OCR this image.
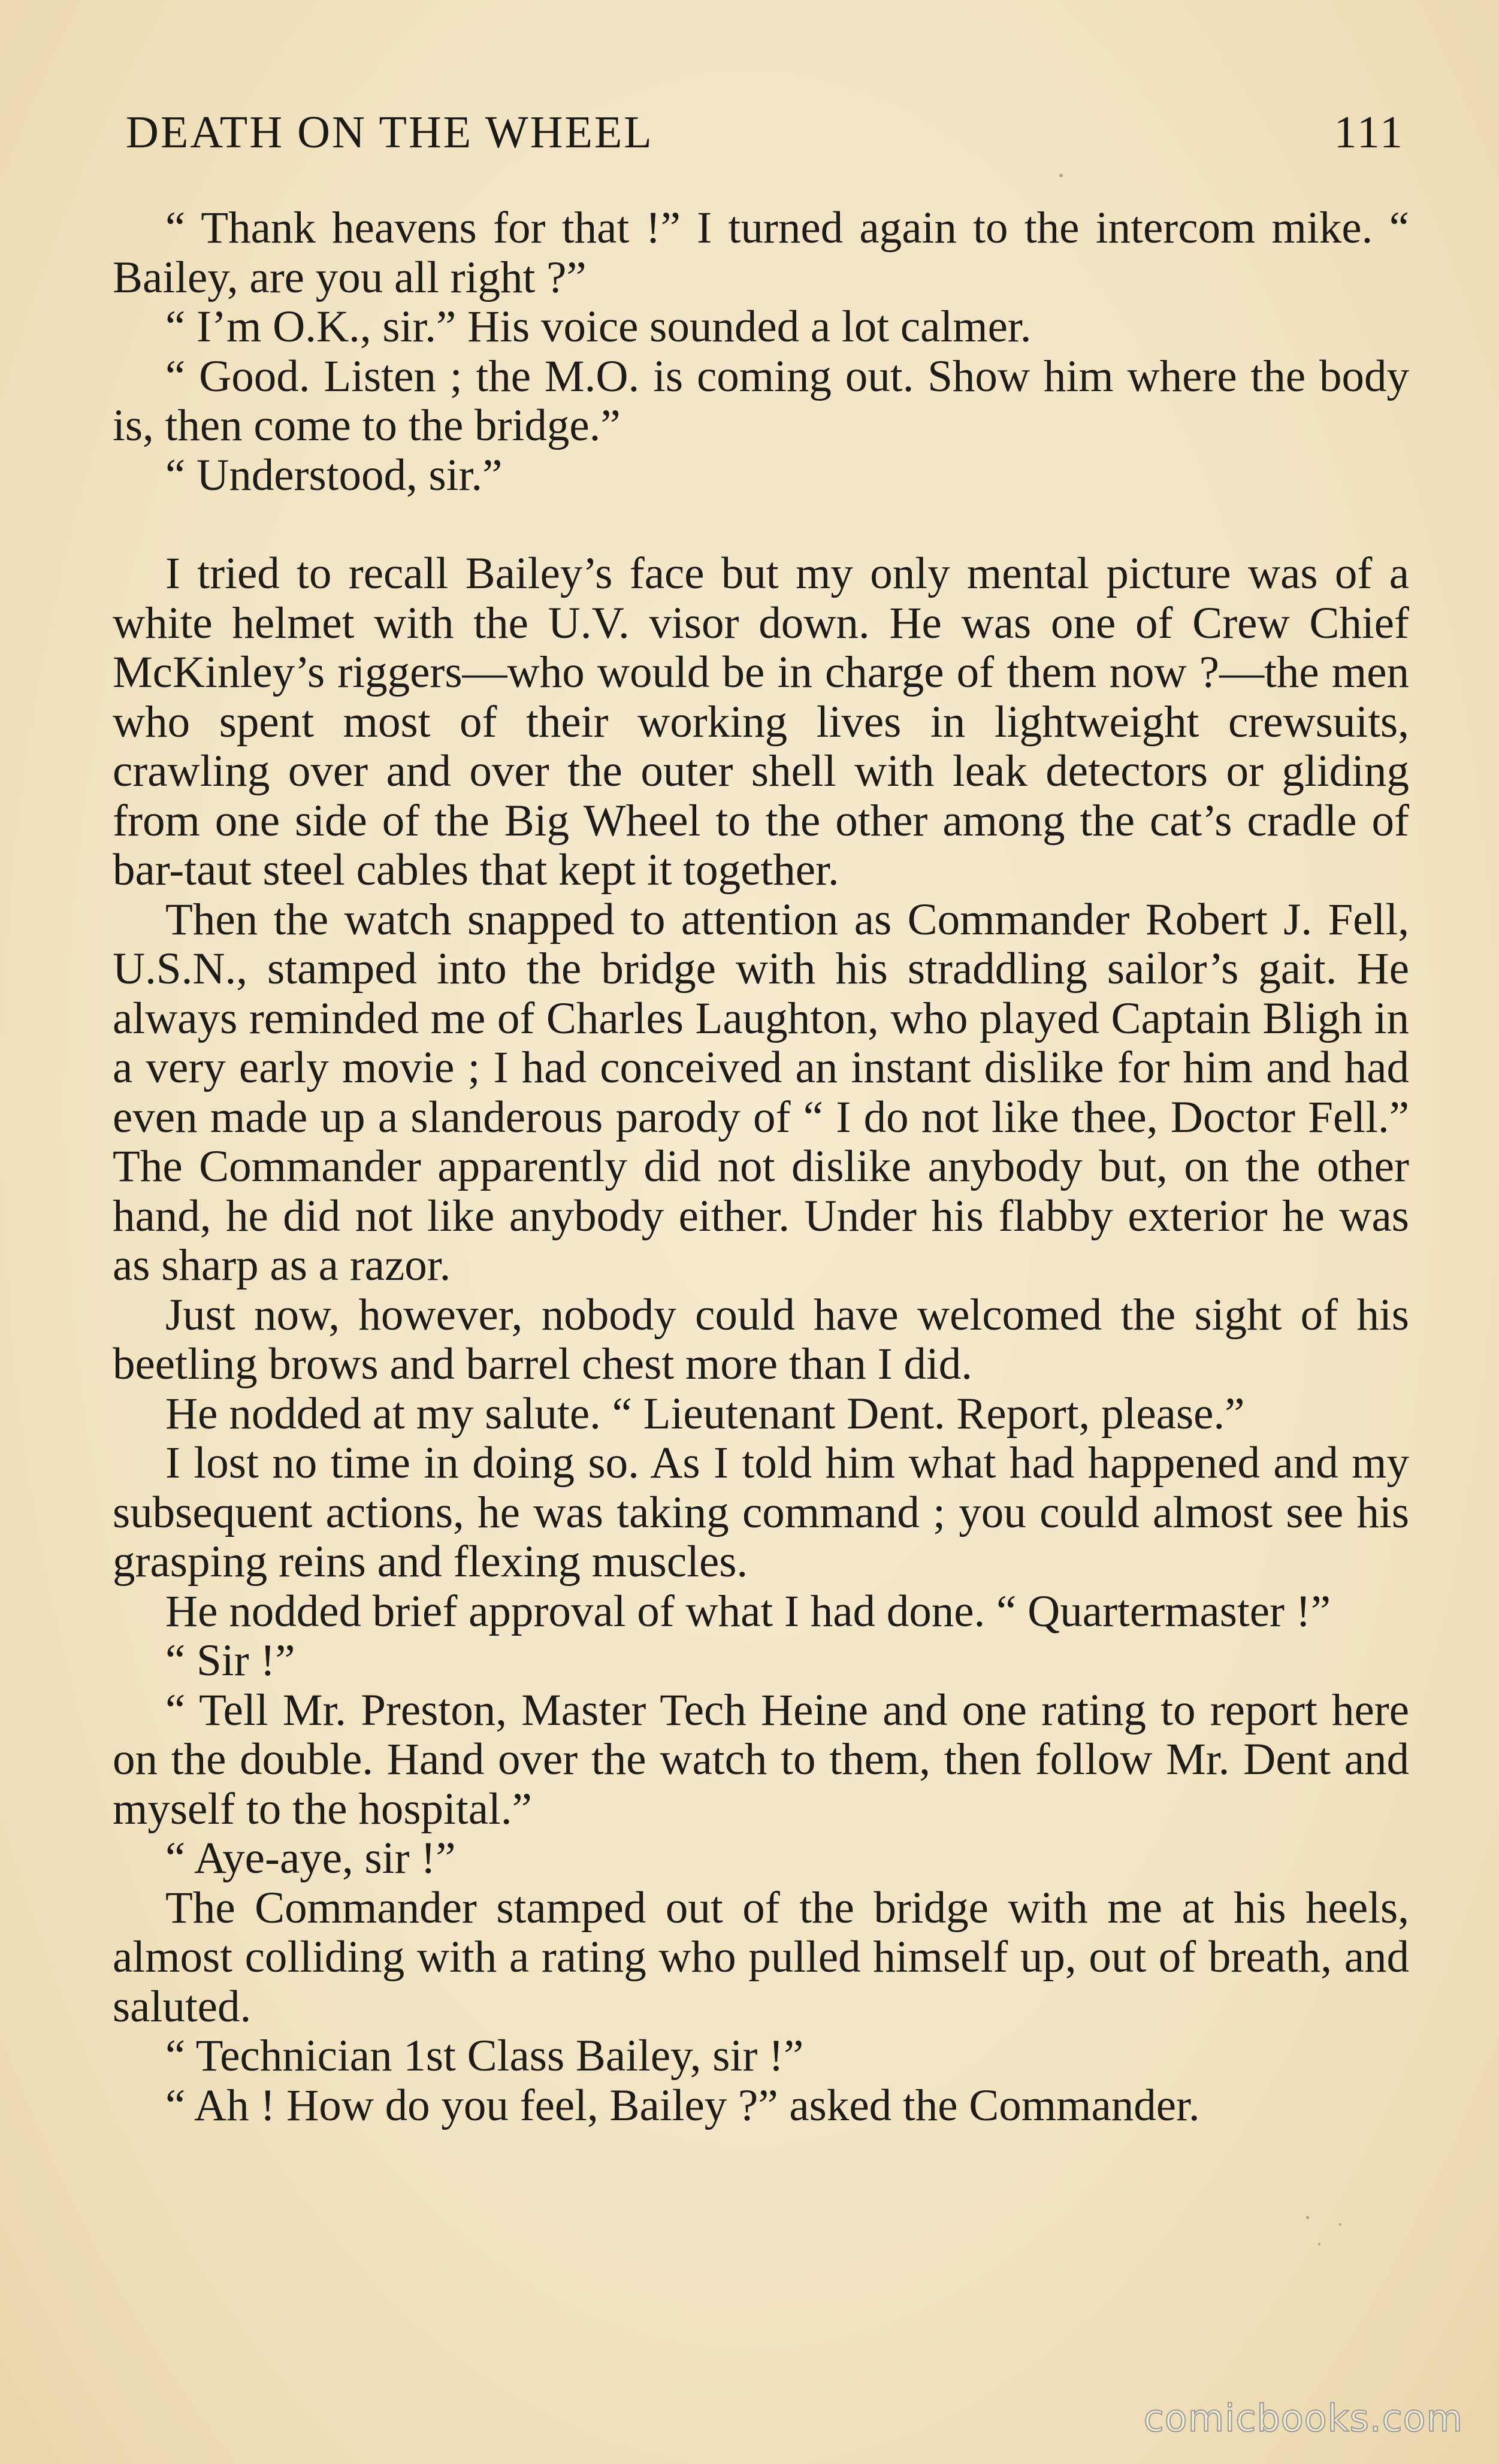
DEATH ON THE WHEEL	111

“ Thank heavens for that !” I turned again to the intercom mike. “ Bailey, are you all right ?”

“ I’m O.K., sir.” His voice sounded a lot calmer.

“ Good. Listen ; the M.O. is coming out. Show him where the body is, then come to the bridge.”

“ Understood, sir.”

I tried to recall Bailey’s face but my only mental picture was of a white helmet with the U.V. visor down. He was one of Crew Chief McKinley’s riggers—who would be in charge of them now ?—the men who spent most of their working lives in lightweight crewsuits, crawling over and over the outer shell with leak detectors or gliding from one side of the Big Wheel to the other among the cat’s cradle of bar-taut steel cables that kept it together.

Then the watch snapped to attention as Commander Robert J. Fell, U.S.N., stamped into the bridge with his straddling sailor’s gait. He always reminded me of Charles Laughton, who played Captain Bligh in a very early movie ; I had conceived an instant dislike for him and had even made up a slanderous parody of “ I do not like thee, Doctor Fell.” The Commander apparently did not dislike anybody but, on the other hand, he did not like anybody either. Under his flabby exterior he was as sharp as a razor.

Just now, however, nobody could have welcomed the sight of his beetling brows and barrel chest more than I did.

He nodded at my salute. “ Lieutenant Dent. Report, please.”

I lost no time in doing so. As I told him what had happened and my subsequent actions, he was taking command ; you could almost see his grasping reins and flexing muscles.

He nodded brief approval of what I had done. “ Quartermaster !”

“ Sir !”

“ Tell Mr. Preston, Master Tech Heine and one rating to report here on the double. Hand over the watch to them, then follow Mr. Dent and myself to the hospital.”

“ Aye-aye, sir !”

The Commander stamped out of the bridge with me at his heels, almost colliding with a rating who pulled himself up, out of breath, and saluted.

“ Technician 1st Class Bailey, sir !”

“ Ah ! How do you feel, Bailey ?” asked the Commander.

comicbooks.com
